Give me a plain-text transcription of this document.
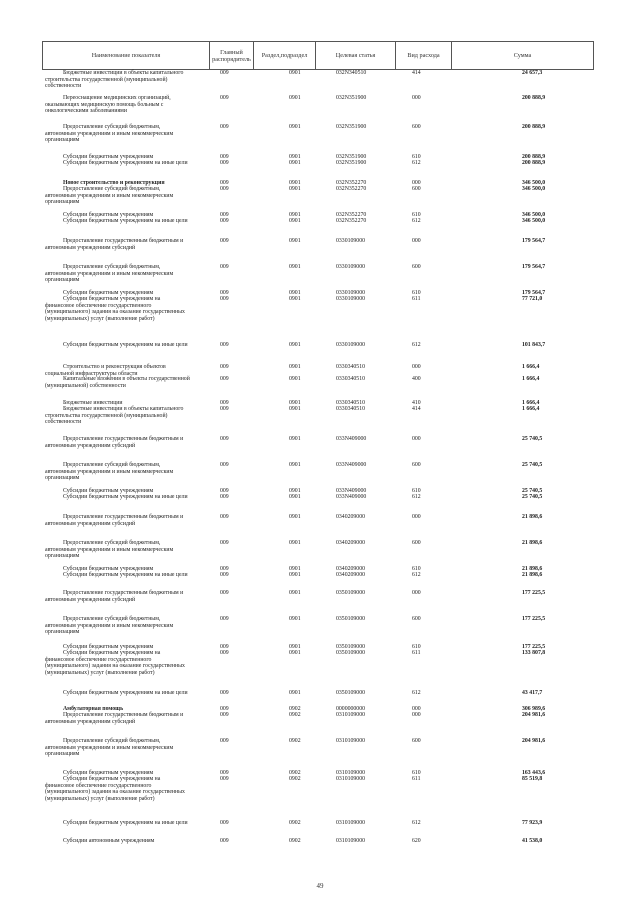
Наименование показателя	Главный распорядитель	Раздел,подраздел	Целевая статья	Вид расхода	Сумма
Бюджетные инвестиции в объекты капитального строительства государственной (муниципальной) собственности
009	0901	032N340510	414	24 657,3
Переоснащение медицинских организаций, оказывающих медицинскую помощь больным с онкологическими заболеваниями
009	0901	032N351900	000	200 888,9
Предоставление субсидий бюджетным, автономным учреждениям и иным некоммерческим организациям
009	0901	032N351900	600	200 888,9
Субсидии бюджетным учреждениям	009	0901	032N351900	610	200 888,9
Субсидии бюджетным учреждениям на иные цели	009	0901	032N351900	612	200 888,9
Новое строительство и реконструкция	009	0901	032N352270	000	346 500,0
Предоставление субсидий бюджетным, автономным учреждениям и иным некоммерческим организациям
009	0901	032N352270	600	346 500,0
Субсидии бюджетным учреждениям	009	0901	032N352270	610	346 500,0
Субсидии бюджетным учреждениям на иные цели	009	0901	032N352270	612	346 500,0
Предоставление государственным бюджетным и автономным учреждениям субсидий
009	0901	0330109000	000	179 564,7
Предоставление субсидий бюджетным, автономным учреждениям и иным некоммерческим организациям
009	0901	0330109000	600	179 564,7
Субсидии бюджетным учреждениям	009	0901	0330109000	610	179 564,7
Субсидии бюджетным учреждениям на финансовое обеспечение государственного (муниципального) задания на оказание государственных (муниципальных) услуг (выполнение работ)
009	0901	0330109000	611	77 721,0
Субсидии бюджетным учреждениям на иные цели	009	0901	0330109000	612	101 843,7
Строительство и реконструкция объектов социальной инфраструктуры области
009	0901	0330340510	000	1 666,4
Капитальные вложения в объекты государственной (муниципальной) собственности
009	0901	0330340510	400	1 666,4
Бюджетные инвестиции	009	0901	0330340510	410	1 666,4
Бюджетные инвестиции в объекты капитального строительства государственной (муниципальной) собственности
009	0901	0330340510	414	1 666,4
Предоставление государственным бюджетным и автономным учреждениям субсидий
009	0901	033N409000	000	25 740,5
Предоставление субсидий бюджетным, автономным учреждениям и иным некоммерческим организациям
009	0901	033N409000	600	25 740,5
Субсидии бюджетным учреждениям	009	0901	033N409000	610	25 740,5
Субсидии бюджетным учреждениям на иные цели	009	0901	033N409000	612	25 740,5
Предоставление государственным бюджетным и автономным учреждениям субсидий
009	0901	0340209000	000	21 898,6
Предоставление субсидий бюджетным, автономным учреждениям и иным некоммерческим организациям
009	0901	0340209000	600	21 898,6
Субсидии бюджетным учреждениям	009	0901	0340209000	610	21 898,6
Субсидии бюджетным учреждениям на иные цели	009	0901	0340209000	612	21 898,6
Предоставление государственным бюджетным и автономным учреждениям субсидий
009	0901	0350109000	000	177 225,5
Предоставление субсидий бюджетным, автономным учреждениям и иным некоммерческим организациям
009	0901	0350109000	600	177 225,5
Субсидии бюджетным учреждениям	009	0901	0350109000	610	177 225,5
Субсидии бюджетным учреждениям на финансовое обеспечение государственного (муниципального) задания на оказание государственных (муниципальных) услуг (выполнение работ)
009	0901	0350109000	611	133 807,8
Субсидии бюджетным учреждениям на иные цели	009	0901	0350109000	612	43 417,7
Амбулаторная помощь	009	0902	0000000000	000	306 989,6
Предоставление государственным бюджетным и автономным учреждениям субсидий
009	0902	0310109000	000	204 981,6
Предоставление субсидий бюджетным, автономным учреждениям и иным некоммерческим организациям
009	0902	0310109000	600	204 981,6
Субсидии бюджетным учреждениям	009	0902	0310109000	610	163 443,6
Субсидии бюджетным учреждениям на финансовое обеспечение государственного (муниципального) задания на оказание государственных (муниципальных) услуг (выполнение работ)
009	0902	0310109000	611	85 519,8
Субсидии бюджетным учреждениям на иные цели	009	0902	0310109000	612	77 923,9
Субсидии автономным учреждениям	009	0902	0310109000	620	41 538,0
49
